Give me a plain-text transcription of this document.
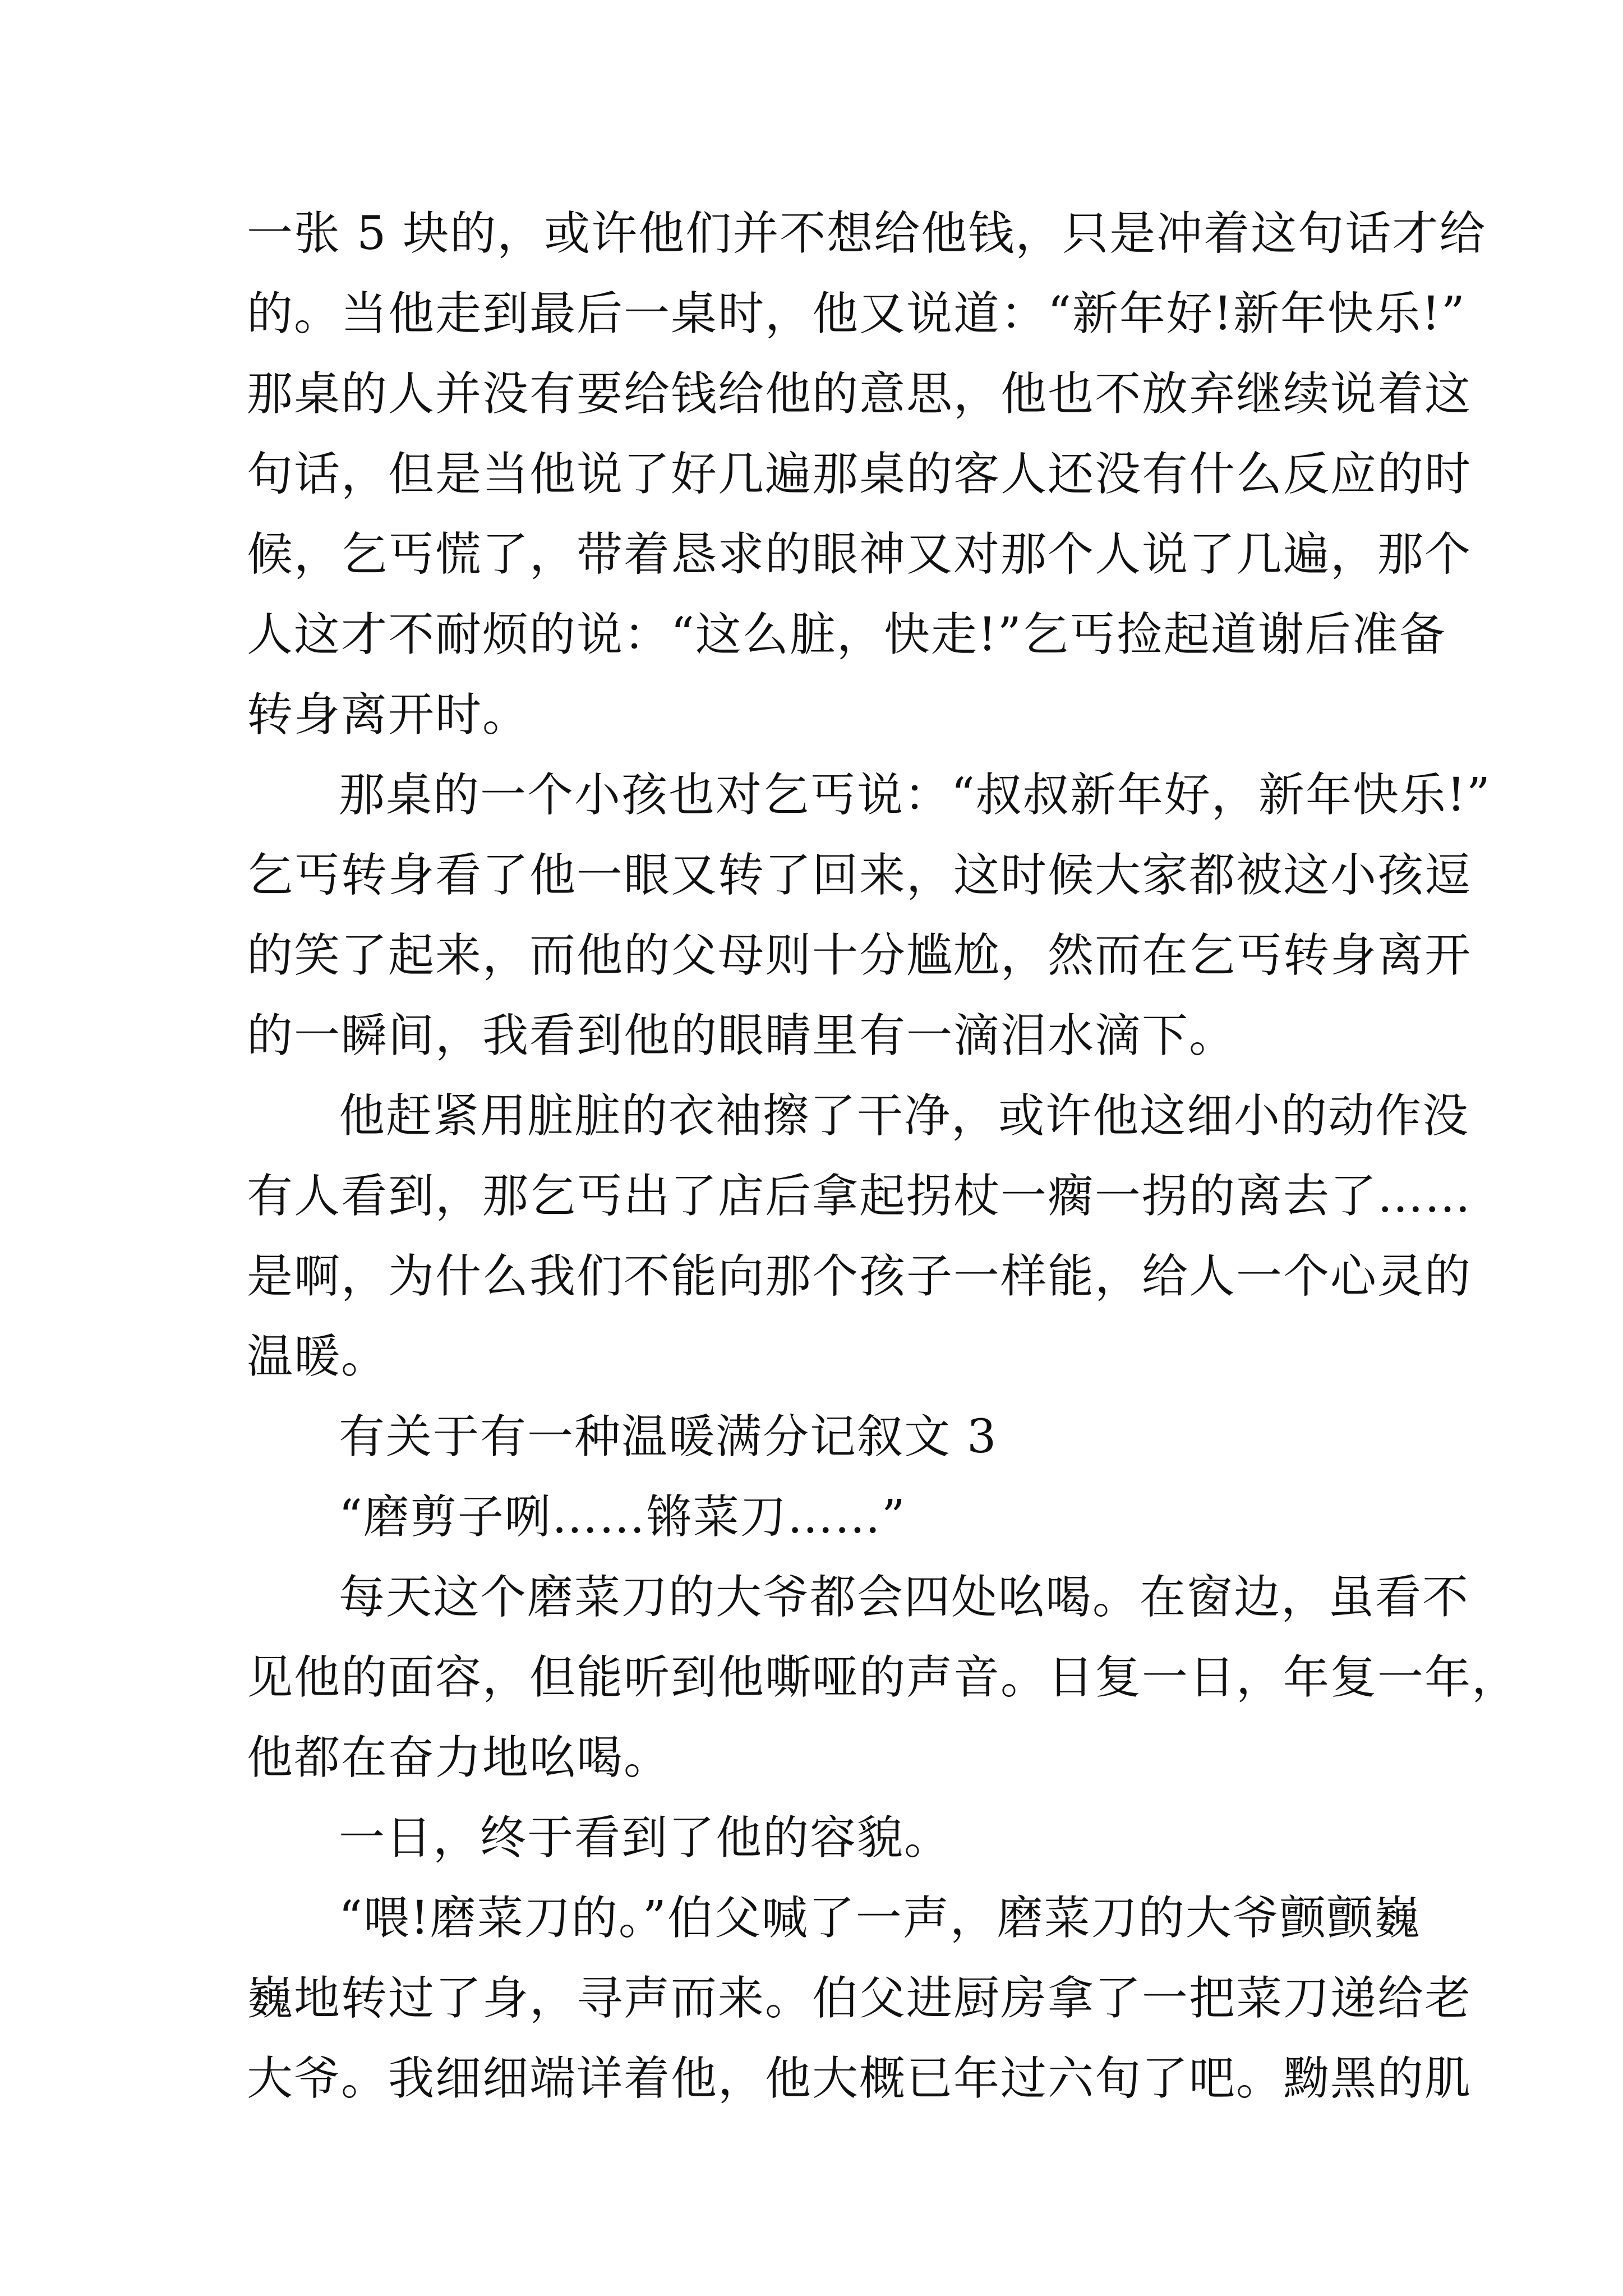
一张 5 块的，或许他们并不想给他钱，只是冲着这句话才给
的。当他走到最后一桌时，他又说道：“新年好!新年快乐!”
那桌的人并没有要给钱给他的意思，他也不放弃继续说着这
句话，但是当他说了好几遍那桌的客人还没有什么反应的时
候，乞丐慌了，带着恳求的眼神又对那个人说了几遍，那个
人这才不耐烦的说：“这么脏，快走!”乞丐捡起道谢后准备
转身离开时。
那桌的一个小孩也对乞丐说：“叔叔新年好，新年快乐!”
乞丐转身看了他一眼又转了回来，这时候大家都被这小孩逗
的笑了起来，而他的父母则十分尴尬，然而在乞丐转身离开
的一瞬间，我看到他的眼睛里有一滴泪水滴下。
他赶紧用脏脏的衣袖擦了干净，或许他这细小的动作没
有人看到，那乞丐出了店后拿起拐杖一瘸一拐的离去了……
是啊，为什么我们不能向那个孩子一样能，给人一个心灵的
温暖。
有关于有一种温暖满分记叙文 3
“磨剪子咧……锵菜刀……”
每天这个磨菜刀的大爷都会四处吆喝。在窗边，虽看不
见他的面容，但能听到他嘶哑的声音。日复一日，年复一年，
他都在奋力地吆喝。
一日，终于看到了他的容貌。
“喂!磨菜刀的。”伯父喊了一声，磨菜刀的大爷颤颤巍
巍地转过了身，寻声而来。伯父进厨房拿了一把菜刀递给老
大爷。我细细端详着他，他大概已年过六旬了吧。黝黑的肌
